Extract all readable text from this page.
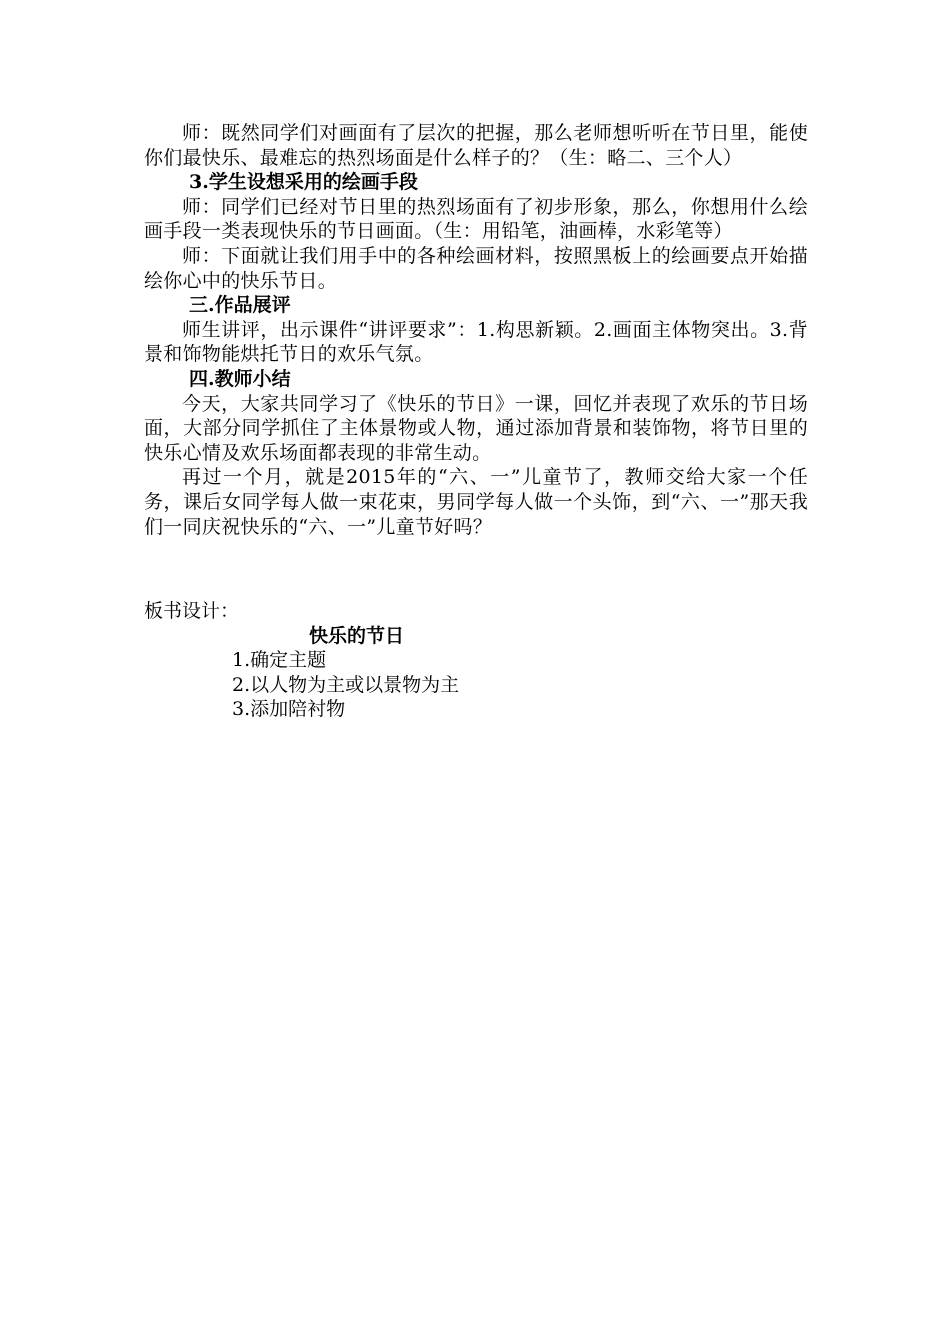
师：既然同学们对画面有了层次的把握，那么老师想听听在节日里，能使你们最快乐、最难忘的热烈场面是什么样子的？（生：略二、三个人）

3.学生设想采用的绘画手段

师：同学们已经对节日里的热烈场面有了初步形象，那么，你想用什么绘画手段一类表现快乐的节日画面。（生：用铅笔，油画棒，水彩笔等）

师：下面就让我们用手中的各种绘画材料，按照黑板上的绘画要点开始描绘你心中的快乐节日。

三.作品展评

师生讲评，出示课件“讲评要求”：1.构思新颖。2.画面主体物突出。3.背景和饰物能烘托节日的欢乐气氛。

四.教师小结

今天，大家共同学习了《快乐的节日》一课，回忆并表现了欢乐的节日场面，大部分同学抓住了主体景物或人物，通过添加背景和装饰物，将节日里的快乐心情及欢乐场面都表现的非常生动。

再过一个月，就是2015年的“六、一”儿童节了，教师交给大家一个任务，课后女同学每人做一束花束，男同学每人做一个头饰，到“六、一”那天我们一同庆祝快乐的“六、一”儿童节好吗？

板书设计：

快乐的节日

1.确定主题

2.以人物为主或以景物为主

3.添加陪衬物
